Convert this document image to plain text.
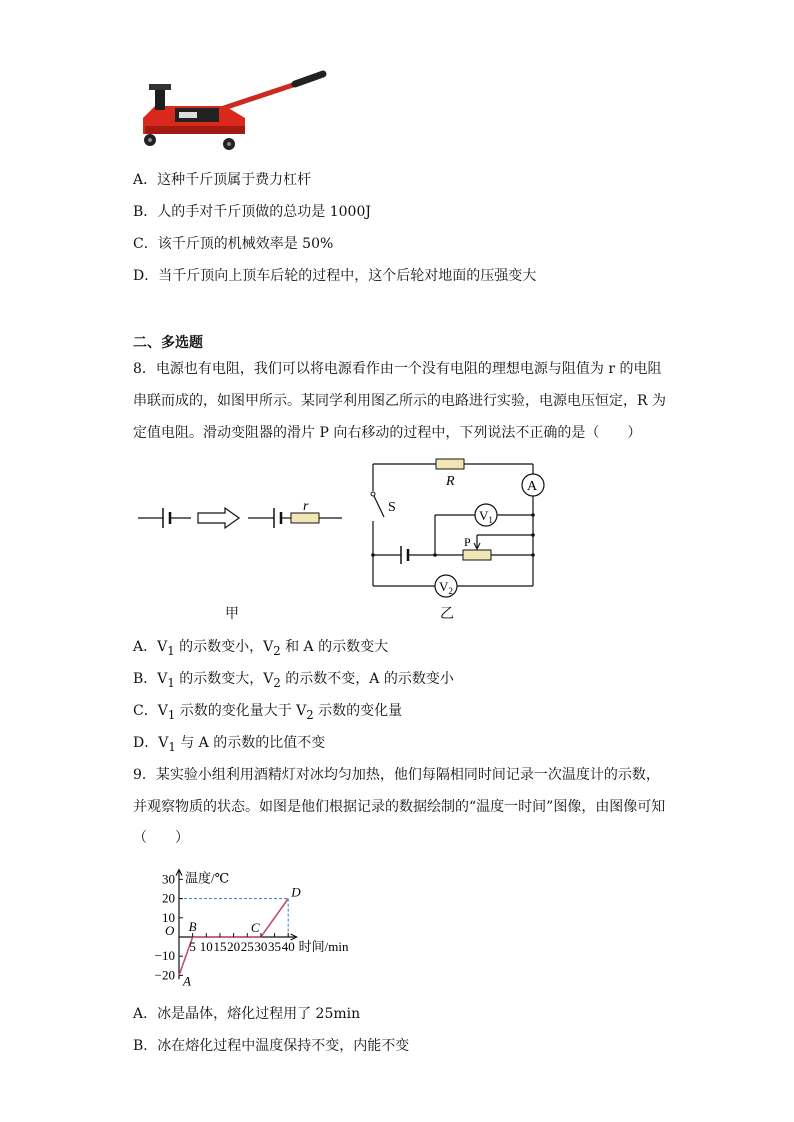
A．这种千斤顶属于费力杠杆
B．人的手对千斤顶做的总功是 1000J
C．该千斤顶的机械效率是 50%
D．当千斤顶向上顶车后轮的过程中，这个后轮对地面的压强变大
二、多选题
8．电源也有电阻，我们可以将电源看作由一个没有电阻的理想电源与阻值为 r 的电阻
串联而成的，如图甲所示。某同学利用图乙所示的电路进行实验，电源电压恒定，R 为
定值电阻。滑动变阻器的滑片 P 向右移动的过程中，下列说法不正确的是（　　）
r
甲
R	A
S
P
$V_1$
$V_2$
乙
A．$V_1$ 的示数变小，$V_2$ 和 A 的示数变大
B．$V_1$ 的示数变大，$V_2$ 的示数不变，A 的示数变小
C．$V_1$ 示数的变化量大于 $V_2$ 示数的变化量
D．$V_1$ 与 A 的示数的比值不变
9．某实验小组利用酒精灯对冰均匀加热，他们每隔相同时间记录一次温度计的示数，
并观察物质的状态。如图是他们根据记录的数据绘制的“温度一时间”图像，由图像可知
（　　）
5 10 15 20 25 30 35 40
30
20
10
−10
−20
温度/℃
时间/min
O
A
B	C
D
A．冰是晶体，熔化过程用了 25min
B．冰在熔化过程中温度保持不变，内能不变
